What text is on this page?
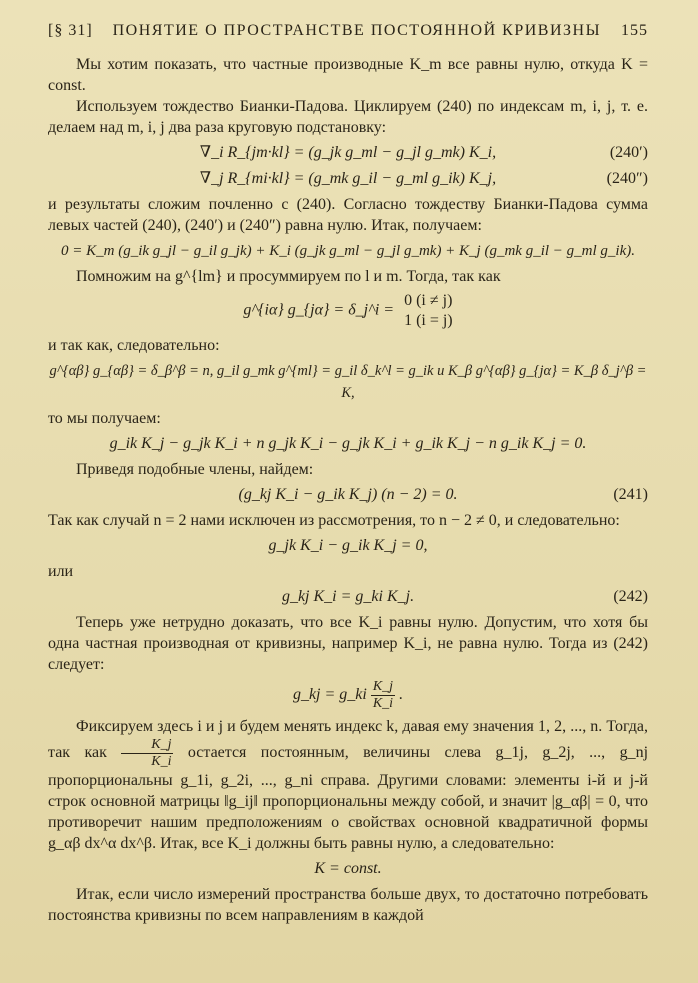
[§ 31] ПОНЯТИЕ О ПРОСТРАНСТВЕ ПОСТОЯННОЙ КРИВИЗНЫ 155

Мы хотим показать, что частные производные K_m все равны нулю, откуда K = const.

Используем тождество Бианки-Падова. Циклируем (240) по индексам m, i, j, т. е. делаем над m, i, j два раза круговую подстановку:

∇_i R_{jm·kl} = (g_jk g_ml − g_jl g_mk) K_i,	(240′)
∇_j R_{mi·kl} = (g_mk g_il − g_ml g_ik) K_j,	(240″)

и результаты сложим почленно с (240). Согласно тождеству Бианки-Падова сумма левых частей (240), (240′) и (240″) равна нулю. Итак, получаем:

0 = K_m (g_ik g_jl − g_il g_jk) + K_i (g_jk g_ml − g_jl g_mk) + K_j (g_mk g_il − g_ml g_ik).

Помножим на g^{lm} и просуммируем по l и m. Тогда, так как

g^{iα} g_{jα} = δ_j^i =
0 (i ≠ j)
1 (i = j)

и так как, следовательно:

g^{αβ} g_{αβ} = δ_β^β = n, g_il g_mk g^{ml} = g_il δ_k^l = g_ik и K_β g^{αβ} g_{jα} = K_β δ_j^β = K,

то мы получаем:

g_ik K_j − g_jk K_i + n g_jk K_i − g_jk K_i + g_ik K_j − n g_ik K_j = 0.

Приведя подобные члены, найдем:

(g_kj K_i − g_ik K_j) (n − 2) = 0.	(241)

Так как случай n = 2 нами исключен из рассмотрения, то n − 2 ≠ 0, и следовательно:

g_jk K_i − g_ik K_j = 0,

или

g_kj K_i = g_ki K_j.	(242)

Теперь уже нетрудно доказать, что все K_i равны нулю. Допустим, что хотя бы одна частная производная от кривизны, например K_i, не равна нулю. Тогда из (242) следует:

g_kj = g_ki $\frac{K\_j}{K\_i}$ .

Фиксируем здесь i и j и будем менять индекс k, давая ему значения 1, 2, ..., n. Тогда, так как $\frac{K\_j}{K\_i}$ остается постоянным, величины слева g_1j, g_2j, ..., g_nj пропорциональны g_1i, g_2i, ..., g_ni справа. Другими словами: элементы i-й и j-й строк основной матрицы ‖g_ij‖ пропорциональны между собой, и значит |g_αβ| = 0, что противоречит нашим предположениям о свойствах основной квадратичной формы g_αβ dx^α dx^β. Итак, все K_i должны быть равны нулю, а следовательно:

K = const.

Итак, если число измерений пространства больше двух, то достаточно потребовать постоянства кривизны по всем направлениям в каждой
